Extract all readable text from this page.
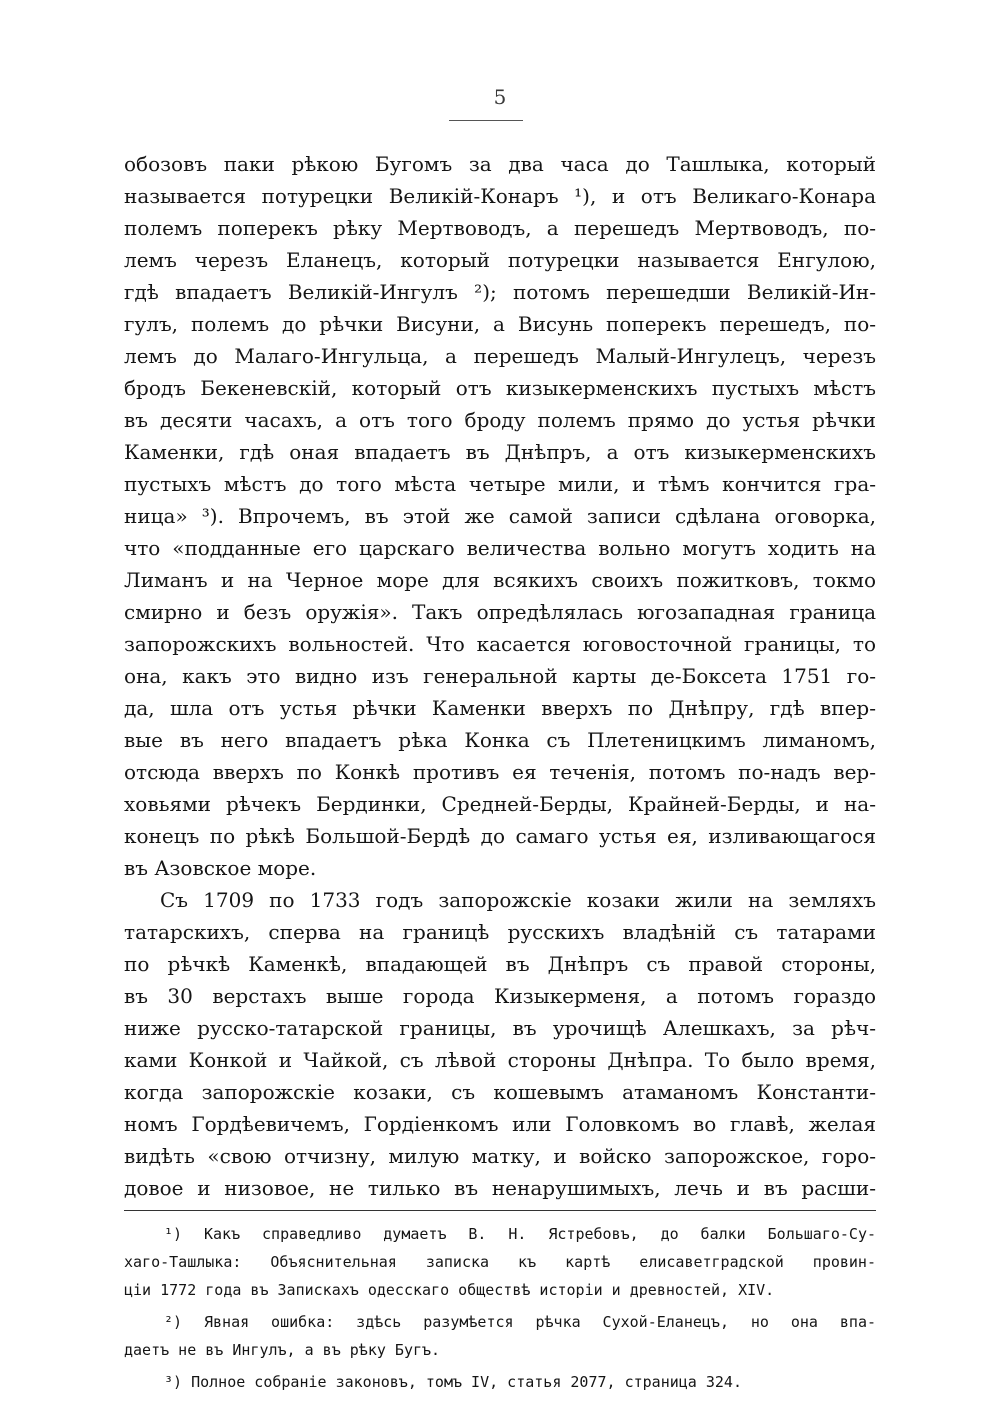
5
обозовъ паки рѣкою Бугомъ за два часа до Ташлыка, который
называется потурецки Великій-Конаръ ¹), и отъ Великаго-Конара
полемъ поперекъ рѣку Мертвоводъ, а перешедъ Мертвоводъ, по-
лемъ черезъ Еланецъ, который потурецки называется Енгулою,
гдѣ впадаетъ Великій-Ингулъ ²); потомъ перешедши Великій-Ин-
гулъ, полемъ до рѣчки Висуни, а Висунь поперекъ перешедъ, по-
лемъ до Малаго-Ингульца, а перешедъ Малый-Ингулецъ, черезъ
бродъ Бекеневскій, который отъ кизыкерменскихъ пустыхъ мѣстъ
въ десяти часахъ, а отъ того броду полемъ прямо до устья рѣчки
Каменки, гдѣ оная впадаетъ въ Днѣпръ, а отъ кизыкерменскихъ
пустыхъ мѣстъ до того мѣста четыре мили, и тѣмъ кончится гра-
ница» ³). Впрочемъ, въ этой же самой записи сдѣлана оговорка,
что «подданные его царскаго величества вольно могутъ ходить на
Лиманъ и на Черное море для всякихъ своихъ пожитковъ, токмо
смирно и безъ оружія». Такъ опредѣлялась югозападная граница
запорожскихъ вольностей. Что касается юговосточной границы, то
она, какъ это видно изъ генеральной карты де-Боксета 1751 го-
да, шла отъ устья рѣчки Каменки вверхъ по Днѣпру, гдѣ впер-
вые въ него впадаетъ рѣка Конка съ Плетеницкимъ лиманомъ,
отсюда вверхъ по Конкѣ противъ ея теченія, потомъ по-надъ вер-
ховьями рѣчекъ Бердинки, Средней-Берды, Крайней-Берды, и на-
конецъ по рѣкѣ Большой-Бердѣ до самаго устья ея, изливающагося
въ Азовское море.
Съ 1709 по 1733 годъ запорожскіе козаки жили на земляхъ
татарскихъ, сперва на границѣ русскихъ владѣній съ татарами
по рѣчкѣ Каменкѣ, впадающей въ Днѣпръ съ правой стороны,
въ 30 верстахъ выше города Кизыкерменя, а потомъ гораздо
ниже русско-татарской границы, въ урочищѣ Алешкахъ, за рѣч-
ками Конкой и Чайкой, съ лѣвой стороны Днѣпра. То было время,
когда запорожскіе козаки, съ кошевымъ атаманомъ Константи-
номъ Гордѣевичемъ, Гордіенкомъ или Головкомъ во главѣ, желая
видѣть «свою отчизну, милую матку, и войско запорожское, горо-
довое и низовое, не тилько въ ненарушимыхъ, лечь и въ расши-
¹) Какъ справедливо думаетъ В. Н. Ястребовъ, до балки Большаго-Су-
хаго-Ташлыка: Объяснительная записка къ картѣ елисаветградской провин-
ціи 1772 года въ Запискахъ одесскаго обществѣ исторіи и древностей, XIV.
²) Явная ошибка: здѣсь разумѣется рѣчка Сухой-Еланецъ, но она впа-
даетъ не въ Ингулъ, а въ рѣку Бугъ.
³) Полное собраніе законовъ, томъ IV, статья 2077, страница 324.
